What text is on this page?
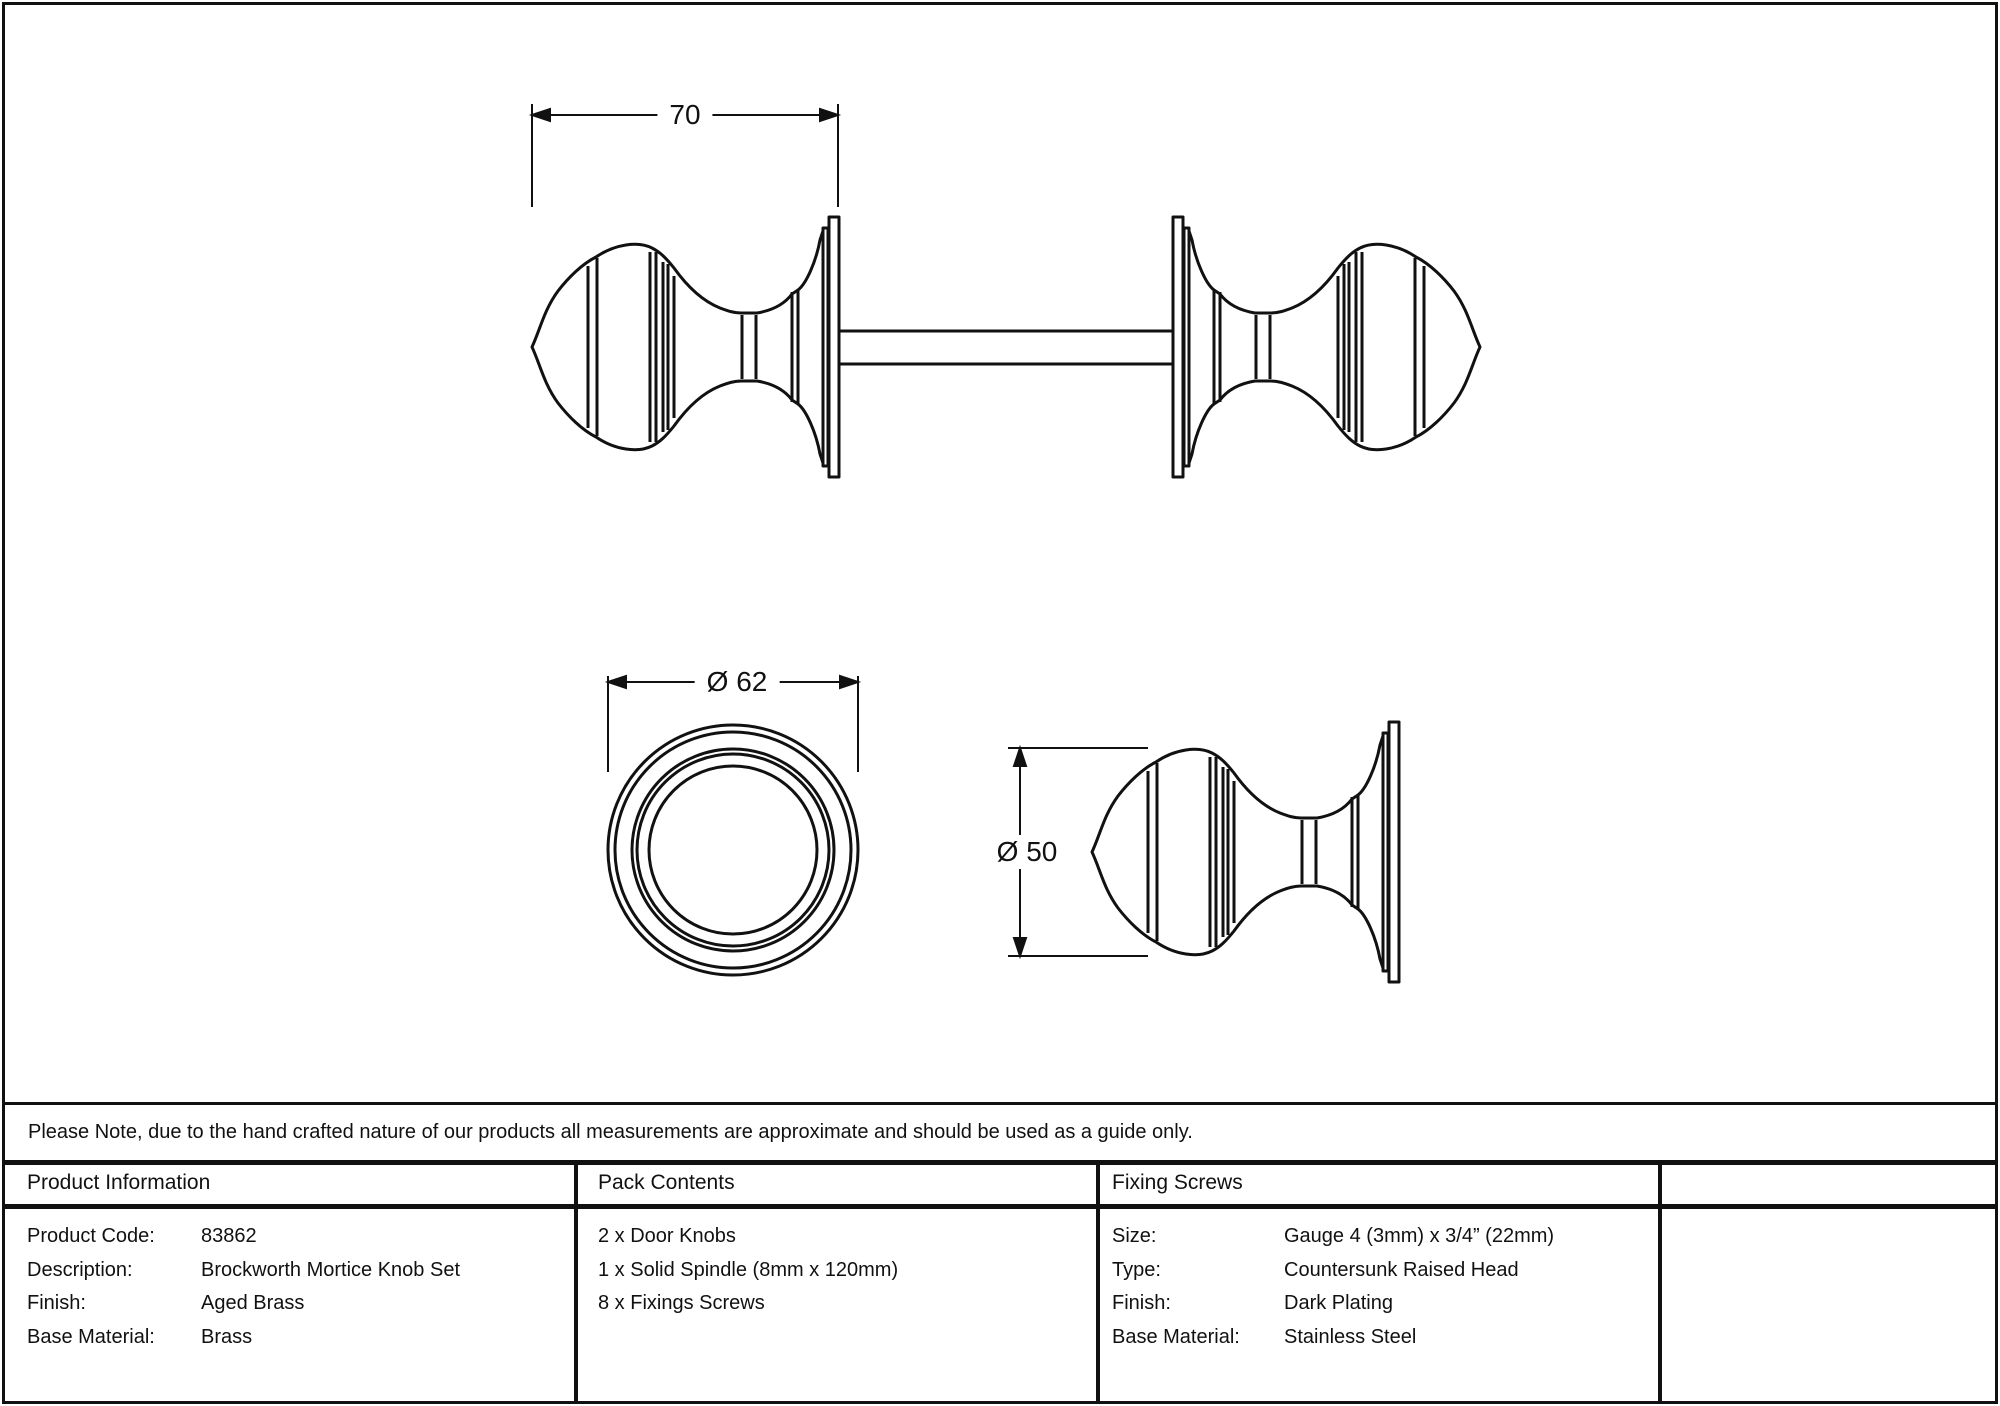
70
Ø 62
Ø 50
Please Note, due to the hand crafted nature of our products all measurements are approximate and should be used as a guide only.
Product Information	Pack Contents	Fixing Screws
Product Code: 83862
Description:	Brockworth Mortice Knob Set
Finish:	Aged Brass
Base Material: Brass
2 x Door Knobs
1 x Solid Spindle (8mm x 120mm)
8 x Fixings Screws
Size:	Gauge 4 (3mm) x 3/4” (22mm)
Type:	Countersunk Raised Head
Finish:	Dark Plating
Base Material: Stainless Steel
